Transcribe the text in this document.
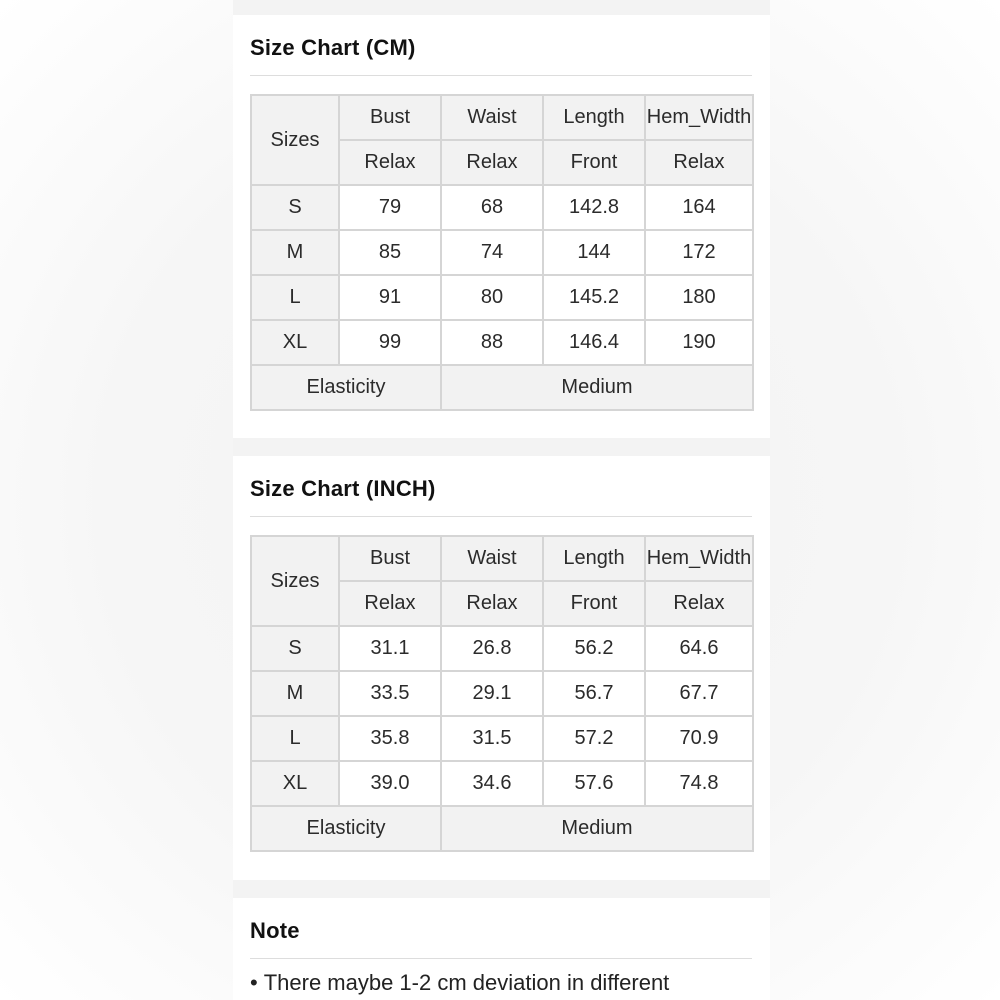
Size Chart (CM)
Sizes	Bust	Waist	Length	Hem_Width
	Relax	Relax	Front	Relax
S	79	68	142.8	164
M	85	74	144	172
L	91	80	145.2	180
XL	99	88	146.4	190
Elasticity		Medium		
Size Chart (INCH)
Sizes	Bust	Waist	Length	Hem_Width
	Relax	Relax	Front	Relax
S	31.1	26.8	56.2	64.6
M	33.5	29.1	56.7	67.7
L	35.8	31.5	57.2	70.9
XL	39.0	34.6	57.6	74.8
Elasticity		Medium		
Note
• There maybe 1-2 cm deviation in different
